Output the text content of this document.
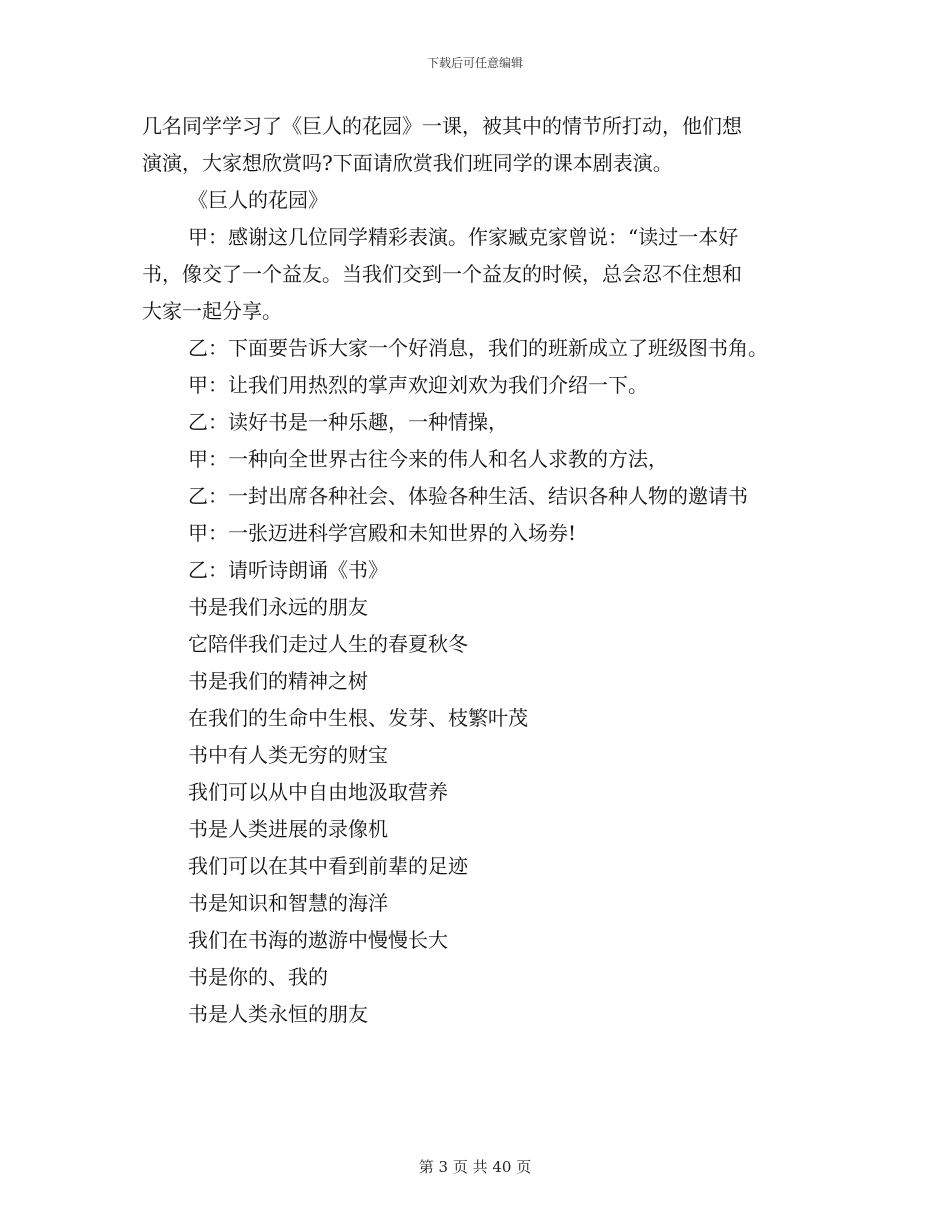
下载后可任意编辑
几名同学学习了《巨人的花园》一课，被其中的情节所打动，他们想
演演，大家想欣赏吗?下面请欣赏我们班同学的课本剧表演。
《巨人的花园》
甲：感谢这几位同学精彩表演。作家臧克家曾说：“读过一本好
书，像交了一个益友。当我们交到一个益友的时候，总会忍不住想和
大家一起分享。
乙：下面要告诉大家一个好消息，我们的班新成立了班级图书角。
甲：让我们用热烈的掌声欢迎刘欢为我们介绍一下。
乙：读好书是一种乐趣，一种情操，
甲：一种向全世界古往今来的伟人和名人求教的方法，
乙：一封出席各种社会、体验各种生活、结识各种人物的邀请书
甲：一张迈进科学宫殿和未知世界的入场券!
乙：请听诗朗诵《书》
书是我们永远的朋友
它陪伴我们走过人生的春夏秋冬
书是我们的精神之树
在我们的生命中生根、发芽、枝繁叶茂
书中有人类无穷的财宝
我们可以从中自由地汲取营养
书是人类进展的录像机
我们可以在其中看到前辈的足迹
书是知识和智慧的海洋
我们在书海的遨游中慢慢长大
书是你的、我的
书是人类永恒的朋友
第 3 页 共 40 页
